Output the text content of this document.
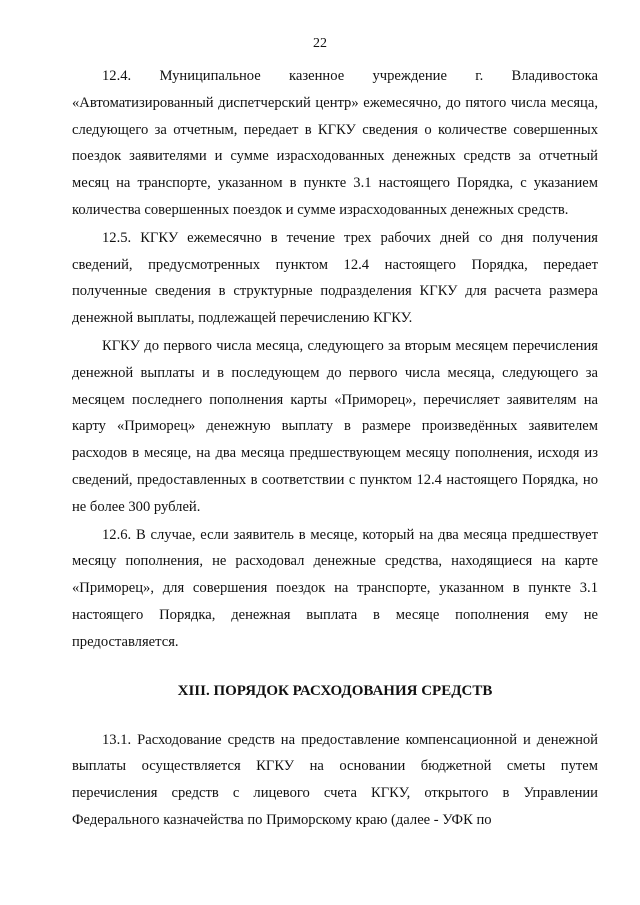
22

12.4. Муниципальное казенное учреждение г. Владивостока «Автоматизированный диспетчерский центр» ежемесячно, до пятого числа месяца, следующего за отчетным, передает в КГКУ сведения о количестве совершенных поездок заявителями и сумме израсходованных денежных средств за отчетный месяц на транспорте, указанном в пункте 3.1 настоящего Порядка, с указанием количества совершенных поездок и сумме израсходованных денежных средств.

12.5. КГКУ ежемесячно в течение трех рабочих дней со дня получения сведений, предусмотренных пунктом 12.4 настоящего Порядка, передает полученные сведения в структурные подразделения КГКУ для расчета размера денежной выплаты, подлежащей перечислению КГКУ.

КГКУ до первого числа месяца, следующего за вторым месяцем перечисления денежной выплаты и в последующем до первого числа месяца, следующего за месяцем последнего пополнения карты «Приморец», перечисляет заявителям на карту «Приморец» денежную выплату в размере произведённых заявителем расходов в месяце, на два месяца предшествующем месяцу пополнения, исходя из сведений, предоставленных в соответствии с пунктом 12.4 настоящего Порядка, но не более 300 рублей.

12.6. В случае, если заявитель в месяце, который на два месяца предшествует месяцу пополнения, не расходовал денежные средства, находящиеся на карте «Приморец», для совершения поездок на транспорте, указанном в пункте 3.1 настоящего Порядка, денежная выплата в месяце пополнения ему не предоставляется.

XIII. ПОРЯДОК РАСХОДОВАНИЯ СРЕДСТВ

13.1. Расходование средств на предоставление компенсационной и денежной выплаты осуществляется КГКУ на основании бюджетной сметы путем перечисления средств с лицевого счета КГКУ, открытого в Управлении Федерального казначейства по Приморскому краю (далее - УФК по
